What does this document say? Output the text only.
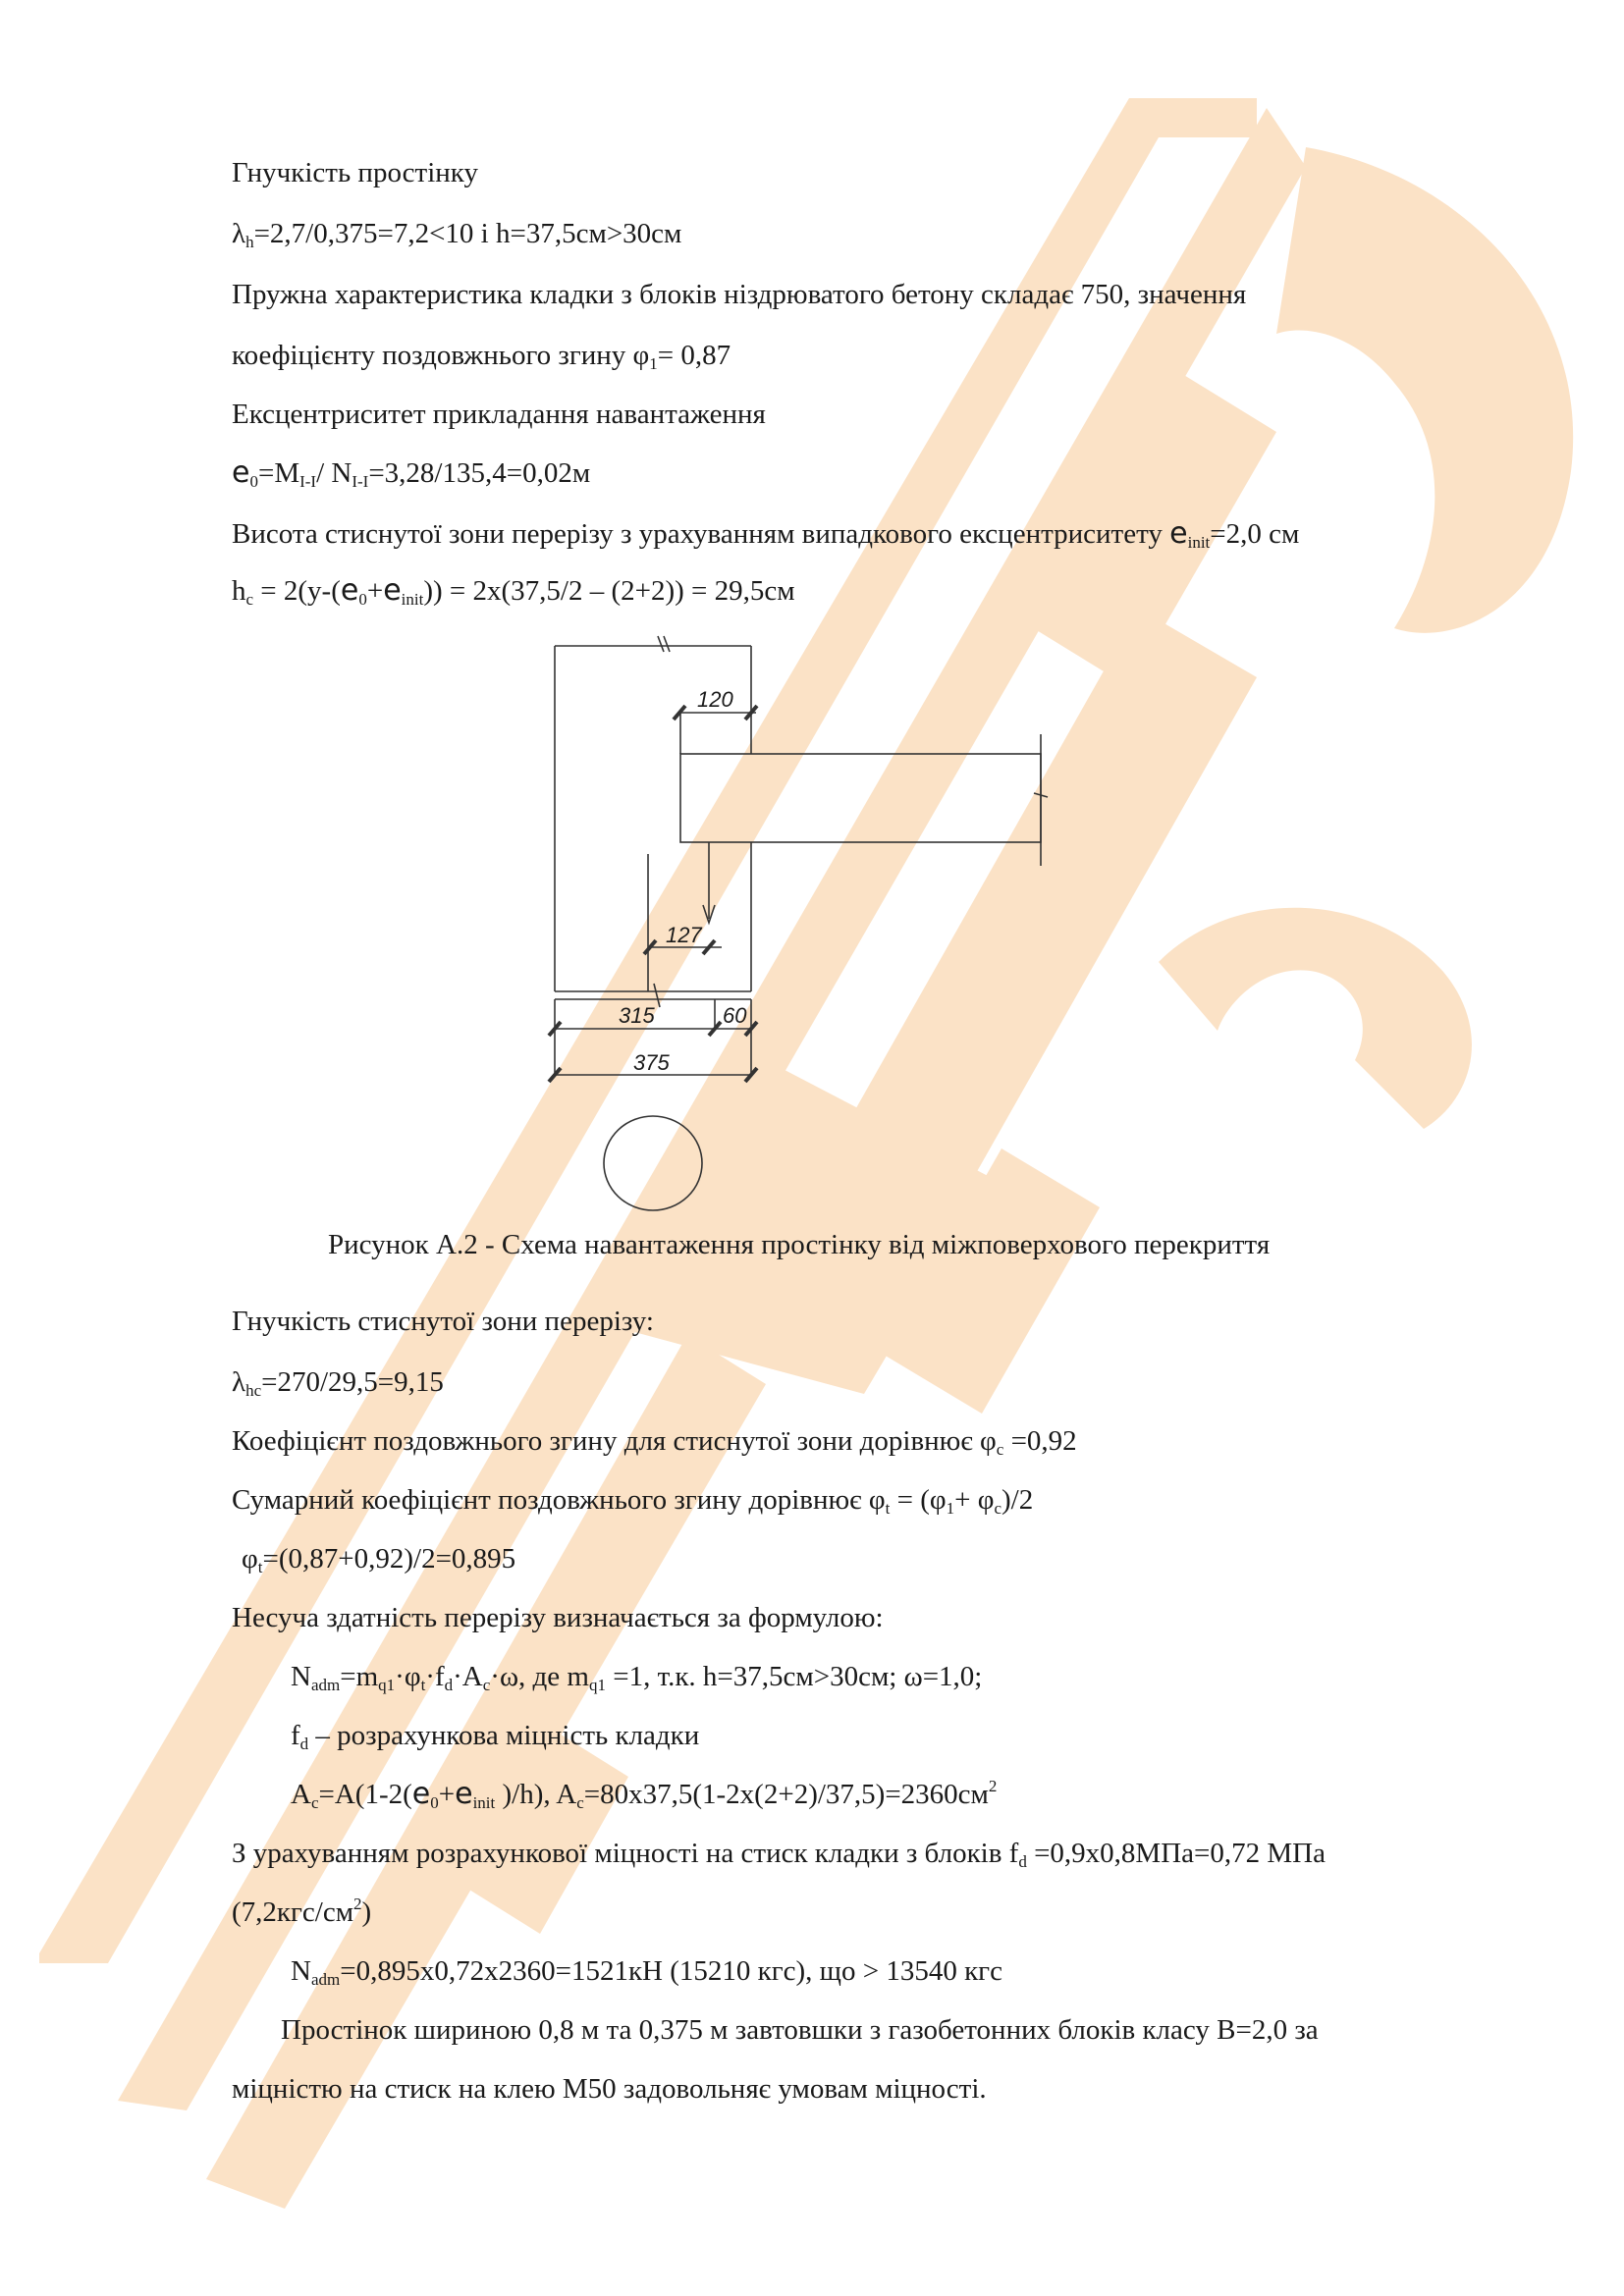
Гнучкість простінку
$\lambda_h=2,7/0,375=7,2<10$ і h=37,5см>30см
Пружна характеристика кладки з блоків ніздрюватого бетону складає 750, значення
коефіцієнту поздовжнього згину $\varphi_1= 0,87$
Ексцентриситет прикладання навантаження
$e_0=M_{I-I}/$ $N_{I-I}=3,28/135,4=0,02м$
Висота стиснутої зони перерізу з урахуванням випадкового ексцентриситету $e_{init}=2,0$ см
$h_c = 2(y-(e_0+e_{init})) = 2x(37,5/2 - (2+2)) = 29,5см$
120
127
315	60
375
Рисунок А.2 - Схема навантаження простінку від міжповерхового перекриття
Гнучкість стиснутої зони перерізу:
$\lambda_{hc}=270/29,5=9,15$
Коефіцієнт поздовжнього згину для стиснутої зони дорівнює $\varphi_c =0,92$
Сумарний коефіцієнт поздовжнього згину дорівнює $\varphi_t = (\varphi_1+ \varphi_c)/2$
$\varphi_t=(0,87+0,92)/2=0,895$
Несуча здатність перерізу визначається за формулою:
$N_{adm}=m_{q1}\cdot\varphi_t\cdot f_d\cdot A_c\cdot\omega$, де $m_{q1} =1$, т.к. h=37,5см>30см; ω=1,0;
$f_d$ – розрахункова міцність кладки
$A_c=A(1-2(e_0+e_{init}$ )/h), $A_c=80x37,5(1-2x(2+2)/37,5)=2360см^2$
З урахуванням розрахункової міцності на стиск кладки з блоків $f_d =0,9x0,8МПа=0,72$ МПа
$(7,2кгс/см^2)$
$N_{adm}=0,895x0,72x2360=1521кН$ (15210 кгс), що > 13540 кгс
Простінок шириною 0,8 м та 0,375 м завтовшки з газобетонних блоків класу В=2,0 за
міцністю на стиск на клею М50 задовольняє умовам міцності.
